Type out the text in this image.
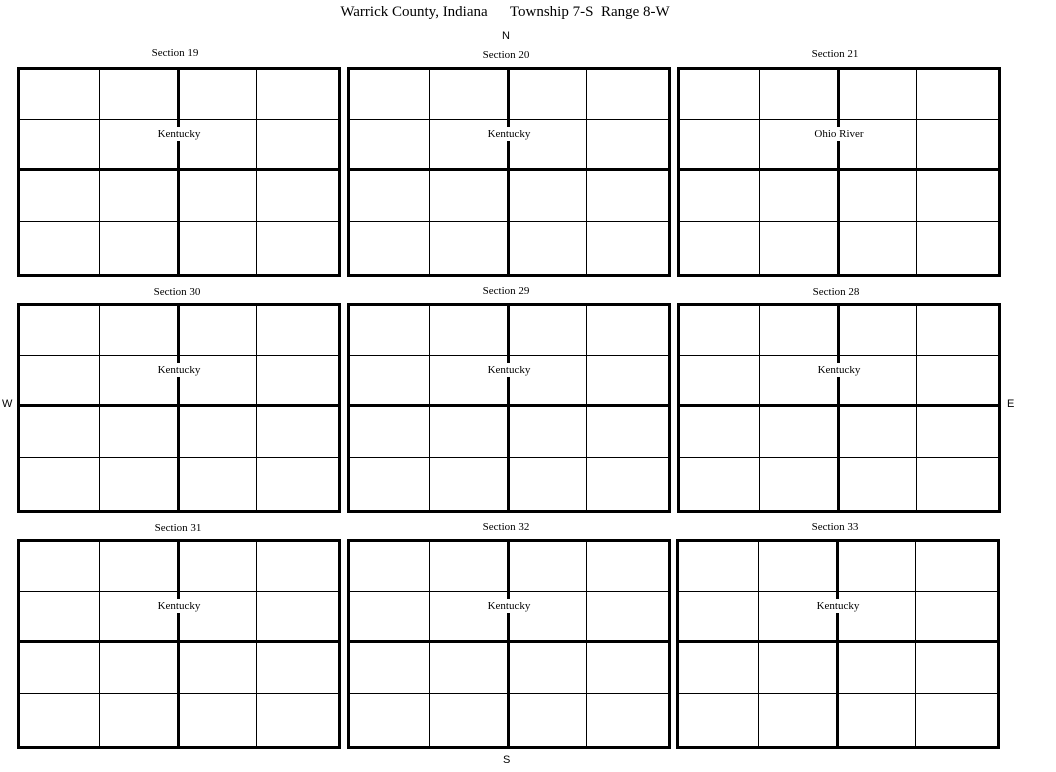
Warrick County, Indiana      Township 7-S  Range 8-W
N
S
W	E
Section 19
Kentucky
Section 20
Kentucky
Section 21
Ohio River
Section 30
Kentucky
Section 29
Kentucky
Section 28
Kentucky
Section 31
Kentucky
Section 32
Kentucky
Section 33
Kentucky
